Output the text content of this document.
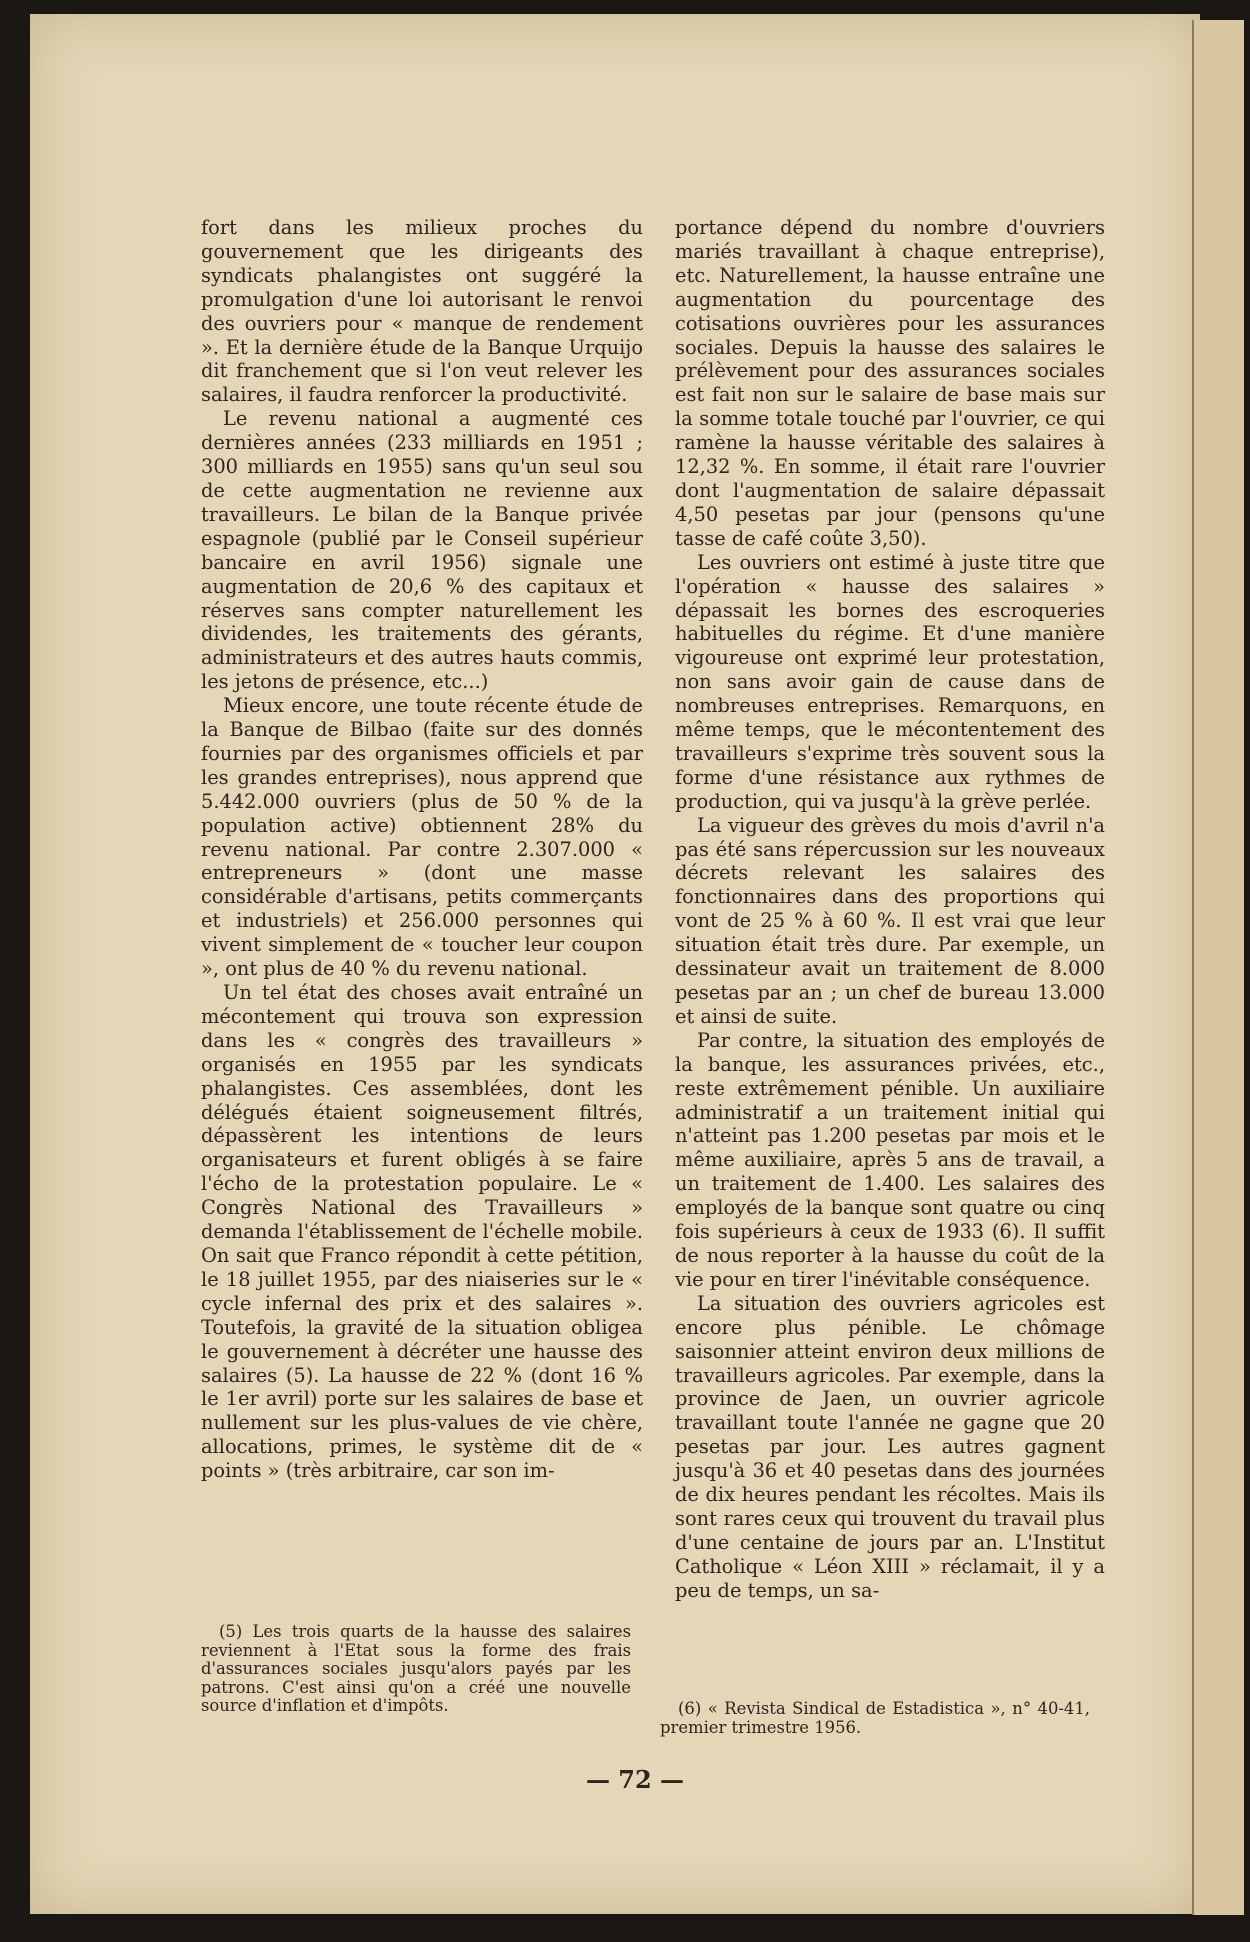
fort dans les milieux proches du gouvernement que les dirigeants des syndicats phalangistes ont suggéré la promulgation d'une loi autorisant le renvoi des ouvriers pour « manque de rendement ». Et la dernière étude de la Banque Urquijo dit franchement que si l'on veut relever les salaires, il faudra renforcer la productivité.

Le revenu national a augmenté ces dernières années (233 milliards en 1951 ; 300 milliards en 1955) sans qu'un seul sou de cette augmentation ne revienne aux travailleurs. Le bilan de la Banque privée espagnole (publié par le Conseil supérieur bancaire en avril 1956) signale une augmentation de 20,6 % des capitaux et réserves sans compter naturellement les dividendes, les traitements des gérants, administrateurs et des autres hauts commis, les jetons de présence, etc...)

Mieux encore, une toute récente étude de la Banque de Bilbao (faite sur des donnés fournies par des organismes officiels et par les grandes entreprises), nous apprend que 5.442.000 ouvriers (plus de 50 % de la population active) obtiennent 28% du revenu national. Par contre 2.307.000 « entrepreneurs » (dont une masse considérable d'artisans, petits commerçants et industriels) et 256.000 personnes qui vivent simplement de « toucher leur coupon », ont plus de 40 % du revenu national.

Un tel état des choses avait entraîné un mécontement qui trouva son expression dans les « congrès des travailleurs » organisés en 1955 par les syndicats phalangistes. Ces assemblées, dont les délégués étaient soigneusement filtrés, dépassèrent les intentions de leurs organisateurs et furent obligés à se faire l'écho de la protestation populaire. Le « Congrès National des Travailleurs » demanda l'établissement de l'échelle mobile. On sait que Franco répondit à cette pétition, le 18 juillet 1955, par des niaiseries sur le « cycle infernal des prix et des salaires ». Toutefois, la gravité de la situation obligea le gouvernement à décréter une hausse des salaires (5). La hausse de 22 % (dont 16 % le 1er avril) porte sur les salaires de base et nullement sur les plus-values de vie chère, allocations, primes, le système dit de « points » (très arbitraire, car son im-

(5) Les trois quarts de la hausse des salaires reviennent à l'Etat sous la forme des frais d'assurances sociales jusqu'alors payés par les patrons. C'est ainsi qu'on a créé une nouvelle source d'inflation et d'impôts.

portance dépend du nombre d'ouvriers mariés travaillant à chaque entreprise), etc. Naturellement, la hausse entraîne une augmentation du pourcentage des cotisations ouvrières pour les assurances sociales. Depuis la hausse des salaires le prélèvement pour des assurances sociales est fait non sur le salaire de base mais sur la somme totale touché par l'ouvrier, ce qui ramène la hausse véritable des salaires à 12,32 %. En somme, il était rare l'ouvrier dont l'augmentation de salaire dépassait 4,50 pesetas par jour (pensons qu'une tasse de café coûte 3,50).

Les ouvriers ont estimé à juste titre que l'opération « hausse des salaires » dépassait les bornes des escroqueries habituelles du régime. Et d'une manière vigoureuse ont exprimé leur protestation, non sans avoir gain de cause dans de nombreuses entreprises. Remarquons, en même temps, que le mécontentement des travailleurs s'exprime très souvent sous la forme d'une résistance aux rythmes de production, qui va jusqu'à la grève perlée.

La vigueur des grèves du mois d'avril n'a pas été sans répercussion sur les nouveaux décrets relevant les salaires des fonctionnaires dans des proportions qui vont de 25 % à 60 %. Il est vrai que leur situation était très dure. Par exemple, un dessinateur avait un traitement de 8.000 pesetas par an ; un chef de bureau 13.000 et ainsi de suite.

Par contre, la situation des employés de la banque, les assurances privées, etc., reste extrêmement pénible. Un auxiliaire administratif a un traitement initial qui n'atteint pas 1.200 pesetas par mois et le même auxiliaire, après 5 ans de travail, a un traitement de 1.400. Les salaires des employés de la banque sont quatre ou cinq fois supérieurs à ceux de 1933 (6). Il suffit de nous reporter à la hausse du coût de la vie pour en tirer l'inévitable conséquence.

La situation des ouvriers agricoles est encore plus pénible. Le chômage saisonnier atteint environ deux millions de travailleurs agricoles. Par exemple, dans la province de Jaen, un ouvrier agricole travaillant toute l'année ne gagne que 20 pesetas par jour. Les autres gagnent jusqu'à 36 et 40 pesetas dans des journées de dix heures pendant les récoltes. Mais ils sont rares ceux qui trouvent du travail plus d'une centaine de jours par an. L'Institut Catholique « Léon XIII » réclamait, il y a peu de temps, un sa-

(6) « Revista Sindical de Estadistica », n° 40-41, premier trimestre 1956.

— 72 —
